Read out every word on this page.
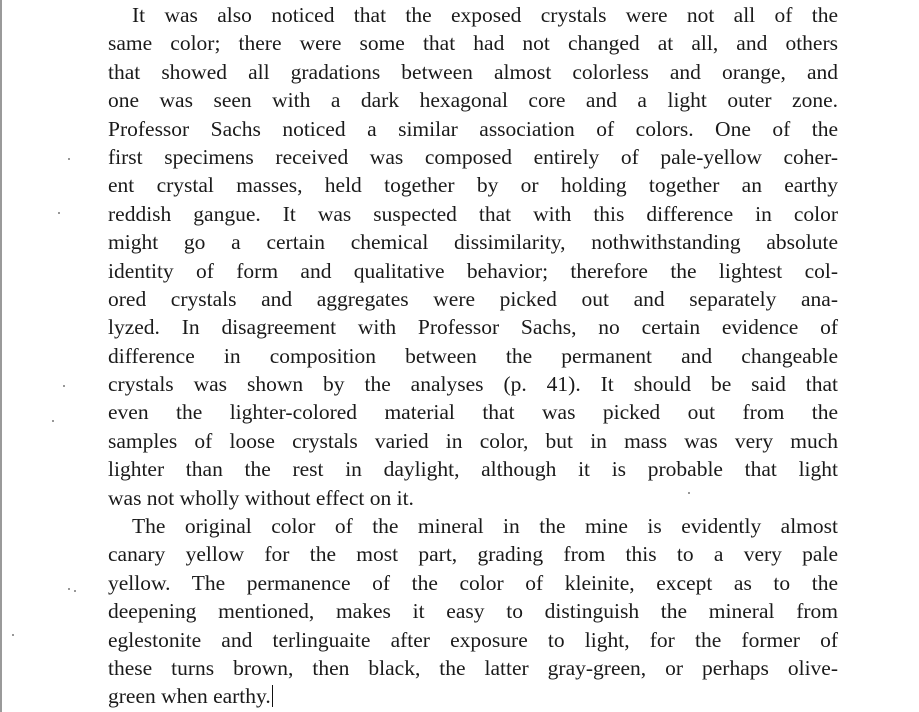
It was also noticed that the exposed crystals were not all of the
same color; there were some that had not changed at all, and others
that showed all gradations between almost colorless and orange, and
one was seen with a dark hexagonal core and a light outer zone.
Professor Sachs noticed a similar association of colors. One of the
first specimens received was composed entirely of pale-yellow coher-
ent crystal masses, held together by or holding together an earthy
reddish gangue. It was suspected that with this difference in color
might go a certain chemical dissimilarity, nothwithstanding absolute
identity of form and qualitative behavior; therefore the lightest col-
ored crystals and aggregates were picked out and separately ana-
lyzed. In disagreement with Professor Sachs, no certain evidence of
difference in composition between the permanent and changeable
crystals was shown by the analyses (p. 41). It should be said that
even the lighter-colored material that was picked out from the
samples of loose crystals varied in color, but in mass was very much
lighter than the rest in daylight, although it is probable that light
was not wholly without effect on it.
The original color of the mineral in the mine is evidently almost
canary yellow for the most part, grading from this to a very pale
yellow. The permanence of the color of kleinite, except as to the
deepening mentioned, makes it easy to distinguish the mineral from
eglestonite and terlinguaite after exposure to light, for the former of
these turns brown, then black, the latter gray-green, or perhaps olive-
green when earthy.
